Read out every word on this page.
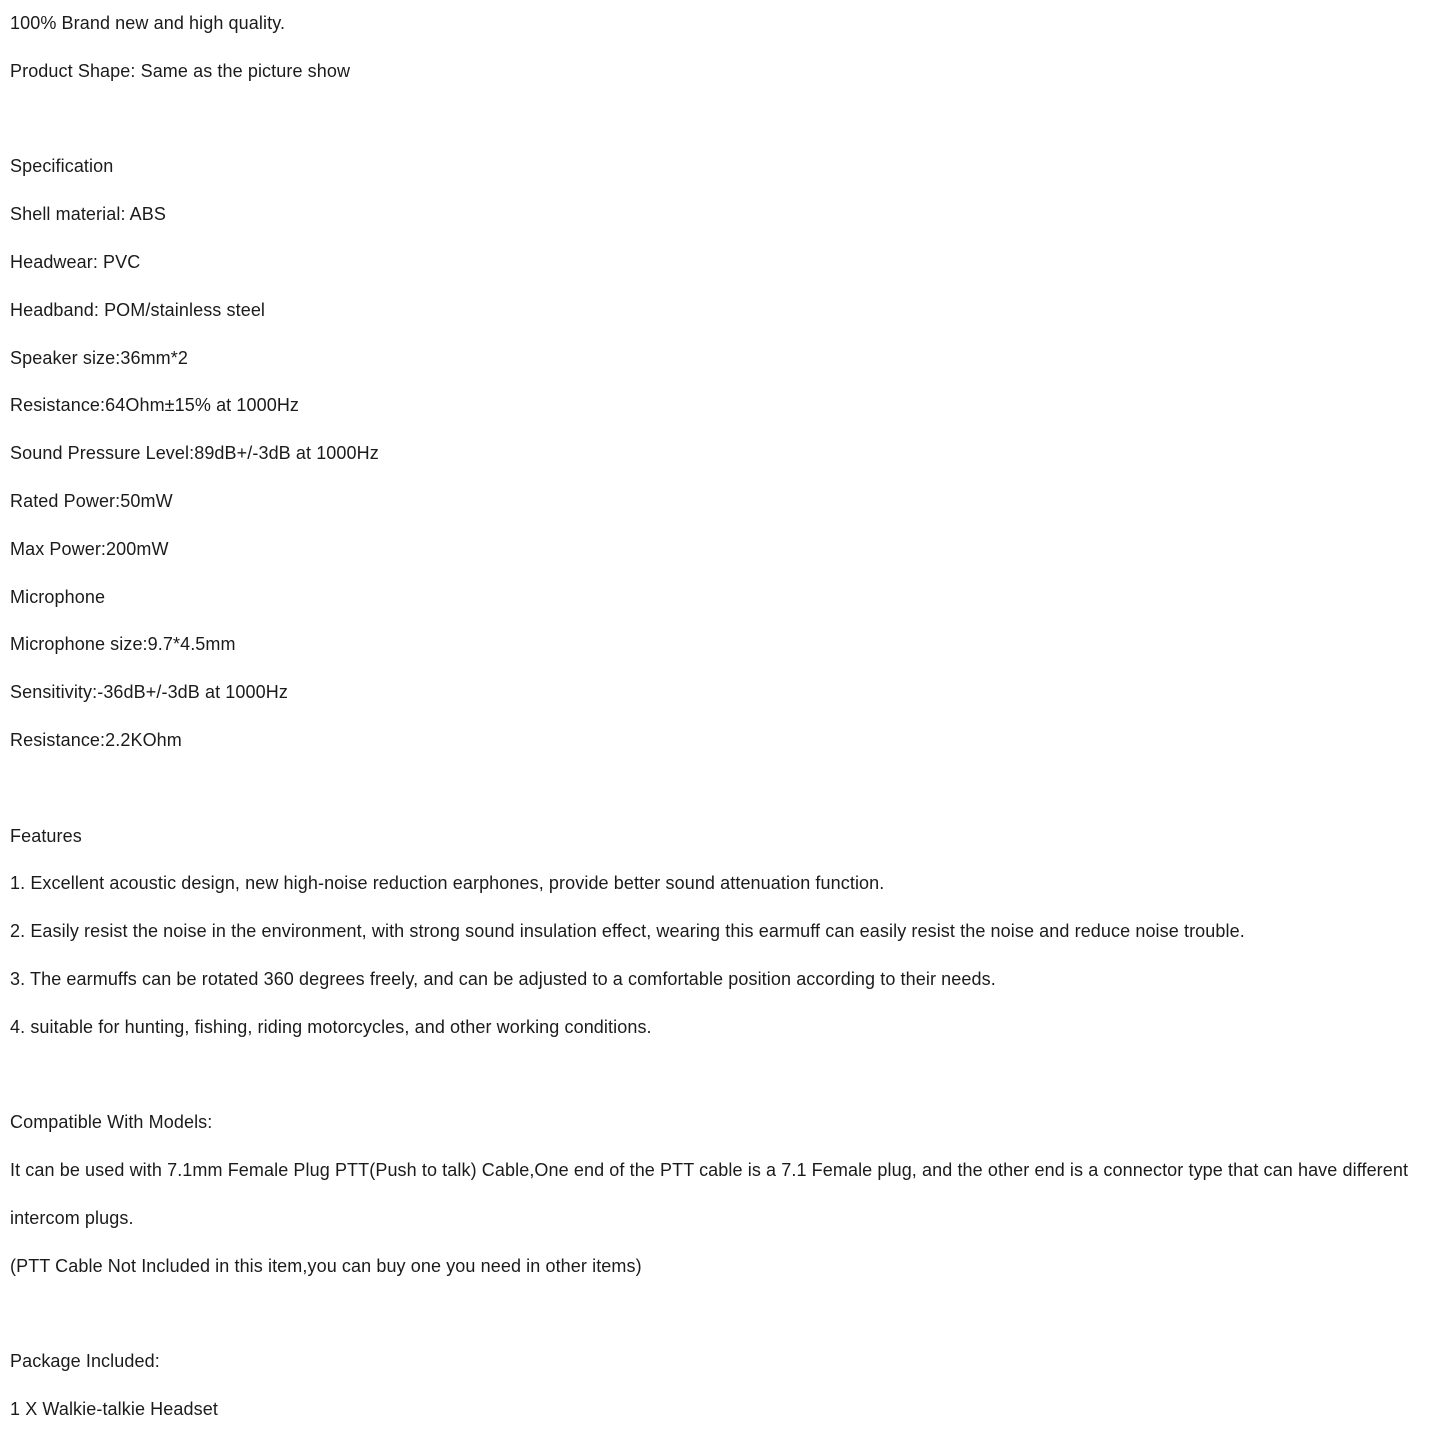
100% Brand new and high quality.

Product Shape: Same as the picture show

Specification

Shell material: ABS

Headwear: PVC

Headband: POM/stainless steel

Speaker size:36mm*2

Resistance:64Ohm±15% at 1000Hz

Sound Pressure Level:89dB+/-3dB at 1000Hz

Rated Power:50mW

Max Power:200mW

Microphone

Microphone size:9.7*4.5mm

Sensitivity:-36dB+/-3dB at 1000Hz

Resistance:2.2KOhm

Features

1. Excellent acoustic design, new high-noise reduction earphones, provide better sound attenuation function.

2. Easily resist the noise in the environment, with strong sound insulation effect, wearing this earmuff can easily resist the noise and reduce noise trouble.

3. The earmuffs can be rotated 360 degrees freely, and can be adjusted to a comfortable position according to their needs.

4. suitable for hunting, fishing, riding motorcycles, and other working conditions.

Compatible With Models:

It can be used with 7.1mm Female Plug PTT(Push to talk) Cable,One end of the PTT cable is a 7.1 Female plug, and the other end is a connector type that can have different intercom plugs.

(PTT Cable Not Included in this item,you can buy one you need in other items)

Package Included:

1 X Walkie-talkie Headset
